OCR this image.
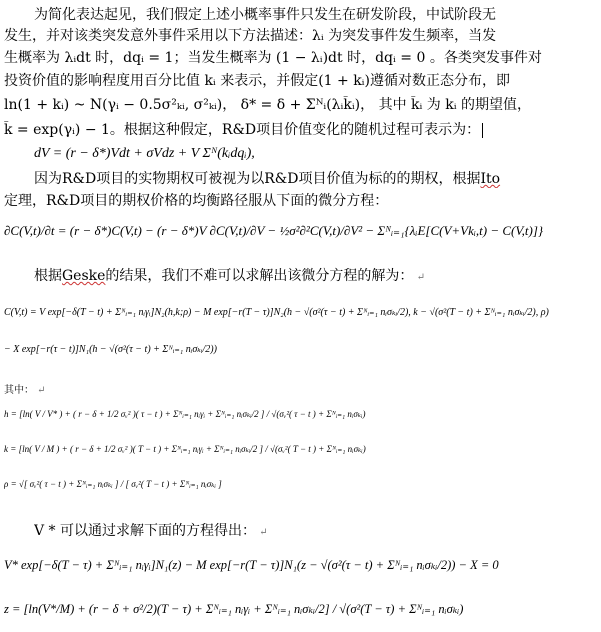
为简化表达起见，我们假定上述小概率事件只发生在研发阶段，中试阶段无
发生，并对该类突发意外事件采用以下方法描述：λᵢ 为突发事件发生频率，当发
生概率为 λᵢdt 时，dqᵢ = 1；当发生概率为 (1 − λᵢ)dt 时，dqᵢ = 0 。各类突发事件对
投资价值的影响程度用百分比值 kᵢ 来表示，并假定(1 + kᵢ)遵循对数正态分布，即
ln(1 + kᵢ) ~ N(γᵢ − 0.5σ²ₖᵢ, σ²ₖᵢ)， δ* = δ + Σᴺᵢ(λᵢk̄ᵢ)， 其中 k̄ᵢ 为 kᵢ 的期望值，
k̄ = exp(γᵢ) − 1。根据这种假定，R&D项目价值变化的随机过程可表示为：
dV = (r − δ*)Vdt + σVdz + V Σᴺ(kᵢdqᵢ),
因为R&D项目的实物期权可被视为以R&D项目价值为标的的期权，根据Ito
定理，R&D项目的期权价格的均衡路径服从下面的微分方程：
∂C(V,t)/∂t = (r − δ*)C(V,t) − (r − δ*)V ∂C(V,t)/∂V − ½σ²∂²C(V,t)/∂V² − Σᴺᵢ₌₁{λᵢE[C(V+Vkᵢ,t) − C(V,t)]}
根据Geske的结果，我们不难可以求解出该微分方程的解为： ↵
C(V,t) = V exp[−δ(T − t) + Σᴺᵢ₌₁ nᵢγᵢ]N₂(h,k;ρ) − M exp[−r(T − τ)]N₂(h − √(σ²(τ − t) + Σᴺᵢ₌₁ nᵢσₖᵢ/2), k − √(σ²(T − t) + Σᴺᵢ₌₁ nᵢσₖᵢ/2), ρ)
− X exp[−r(τ − t)]N₁(h − √(σ²(τ − t) + Σᴺᵢ₌₁ nᵢσₖᵢ/2))
其中： ↵
h = [ln( V / V* ) + ( r − δ + 1/2 σᵥ² )( τ − t ) + Σᴺᵢ₌₁ nᵢγᵢ + Σᴺᵢ₌₁ nᵢσₖᵢ/2 ] / √(σᵥ²( τ − t ) + Σᴺᵢ₌₁ nᵢσₖᵢ)
k = [ln( V / M ) + ( r − δ + 1/2 σᵥ² )( T − t ) + Σᴺᵢ₌₁ nᵢγᵢ + Σᴺᵢ₌₁ nᵢσₖᵢ/2 ] / √(σᵥ²( T − t ) + Σᴺᵢ₌₁ nᵢσₖᵢ)
ρ = √[ σᵥ²( τ − t ) + Σᴺᵢ₌₁ nᵢσₖᵢ ] / [ σᵥ²( T − t ) + Σᴺᵢ₌₁ nᵢσₖᵢ ]
V * 可以通过求解下面的方程得出： ↵
V* exp[−δ(T − τ) + Σᴺᵢ₌₁ nᵢγᵢ]N₁(z) − M exp[−r(T − τ)]N₁(z − √(σ²(τ − t) + Σᴺᵢ₌₁ nᵢσₖᵢ/2)) − X = 0
z = [ln(V*/M) + (r − δ + σ²/2)(T − τ) + Σᴺᵢ₌₁ nᵢγᵢ + Σᴺᵢ₌₁ nᵢσₖᵢ/2] / √(σ²(T − τ) + Σᴺᵢ₌₁ nᵢσₖᵢ)
